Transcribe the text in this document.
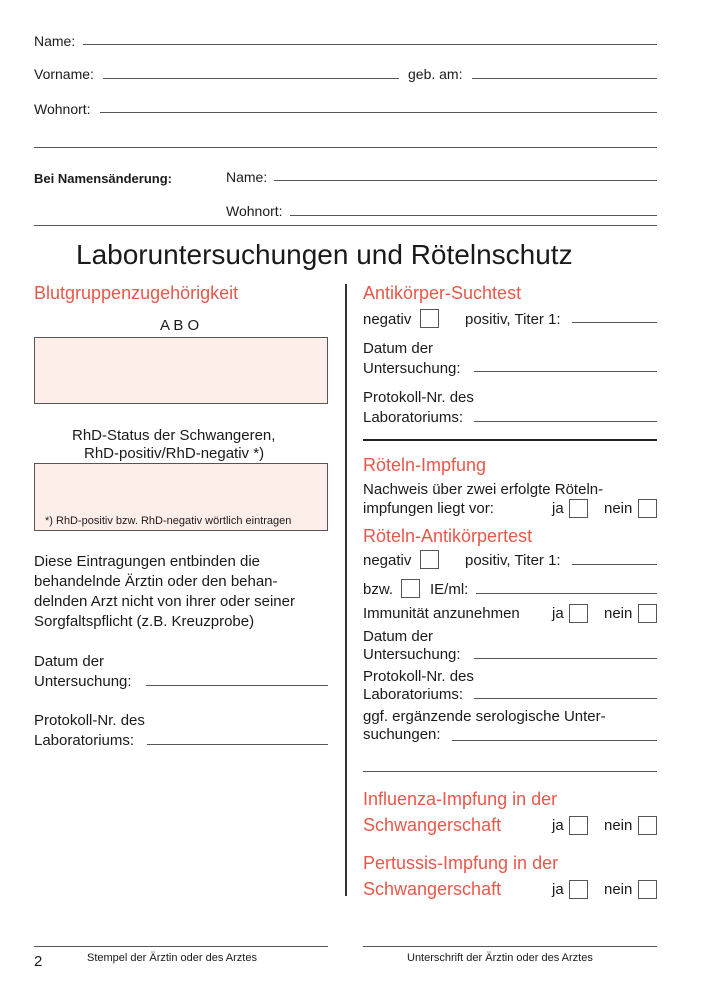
Name:
Vorname:	geb. am:
Wohnort:
Bei Namensänderung:	Name:
Wohnort:
Laboruntersuchungen und Rötelnschutz
Blutgruppenzugehörigkeit
A B O
RhD-Status der Schwangeren,
RhD-positiv/RhD-negativ *)
*) RhD-positiv bzw. RhD-negativ wörtlich eintragen
Diese Eintragungen entbinden die
behandelnde Ärztin oder den behan-
delnden Arzt nicht von ihrer oder seiner
Sorgfaltspflicht (z.B. Kreuzprobe)
Datum der
Untersuchung:
Protokoll-Nr. des
Laboratoriums:
Antikörper-Suchtest
negativ	positiv, Titer 1:
Datum der
Untersuchung:
Protokoll-Nr. des
Laboratoriums:
Röteln-Impfung
Nachweis über zwei erfolgte Röteln-
impfungen liegt vor:	ja	nein
Röteln-Antikörpertest
negativ	positiv, Titer 1:
bzw. IE/ml:
Immunität anzunehmen ja	nein
Datum der
Untersuchung:
Protokoll-Nr. des
Laboratoriums:
ggf. ergänzende serologische Unter-
suchungen:
Influenza-Impfung in der
Schwangerschaft	ja	nein
Pertussis-Impfung in der
Schwangerschaft	ja	nein
2	Stempel der Ärztin oder des Arztes	Unterschrift der Ärztin oder des Arztes
